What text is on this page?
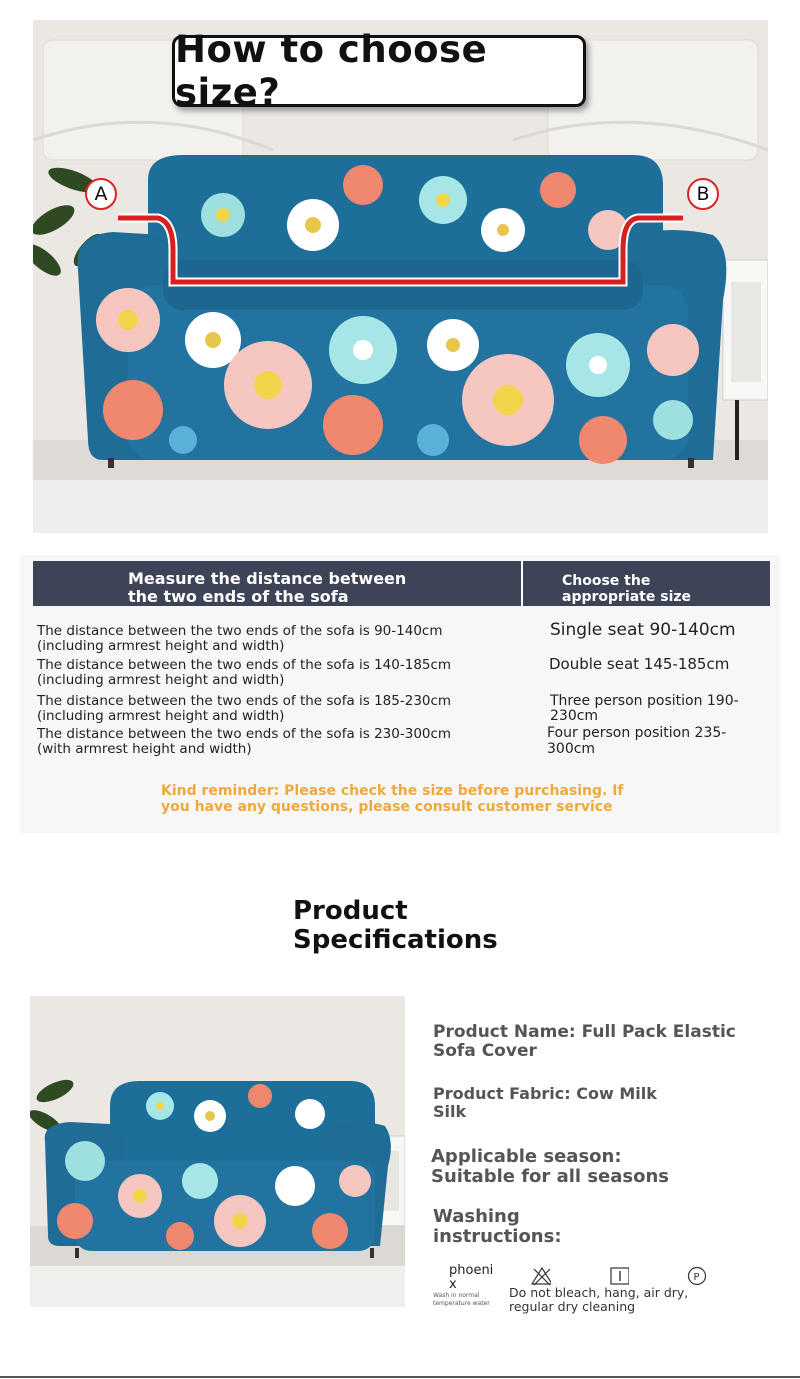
How to choose size?
A	B
Measure the distance between the two ends of the sofa
Choose the appropriate size
The distance between the two ends of the sofa is 90-140cm (including armrest height and width)
Single seat 90-140cm
The distance between the two ends of the sofa is 140-185cm (including armrest height and width)
Double seat 145-185cm
The distance between the two ends of the sofa is 185-230cm (including armrest height and width)
Three person position 190-230cm
The distance between the two ends of the sofa is 230-300cm (with armrest height and width)
Four person position 235-300cm
Kind reminder: Please check the size before purchasing. If you have any questions, please consult customer service
Product Specifications
Product Name: Full Pack Elastic Sofa Cover
Product Fabric: Cow Milk Silk
Applicable season: Suitable for all seasons
Washing instructions:
phoenix
Wash in normal temperature water
P
Do not bleach, hang, air dry, regular dry cleaning
